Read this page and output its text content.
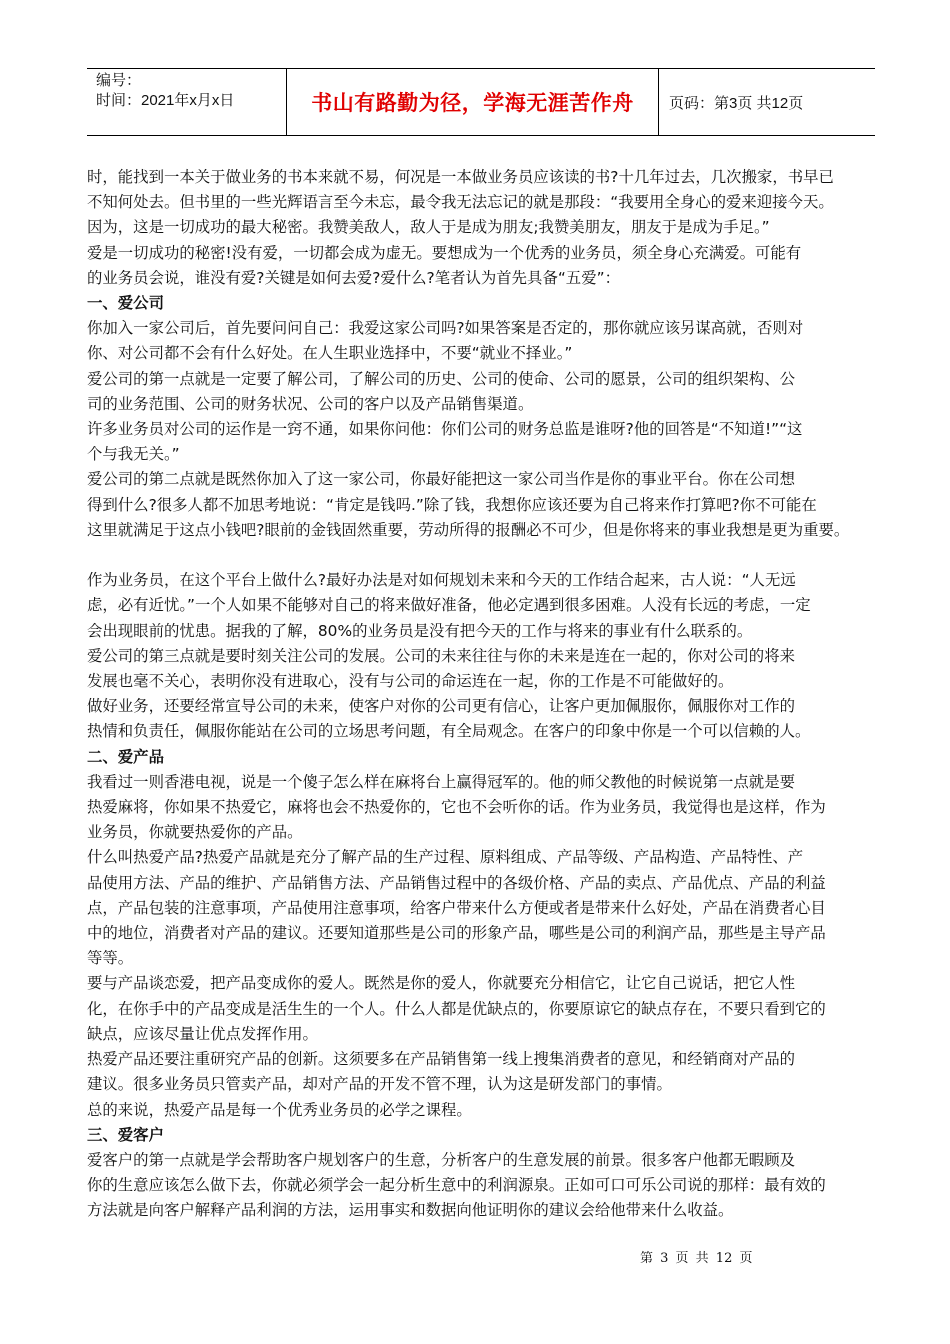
编号：
时间：2021年x月x日	书山有路勤为径，学海无涯苦作舟 页码：第3页 共12页

时，能找到一本关于做业务的书本来就不易，何况是一本做业务员应该读的书?十几年过去，几次搬家，书早已

不知何处去。但书里的一些光辉语言至今未忘，最令我无法忘记的就是那段：“我要用全身心的爱来迎接今天。

因为，这是一切成功的最大秘密。我赞美敌人，敌人于是成为朋友;我赞美朋友，朋友于是成为手足。”

爱是一切成功的秘密!没有爱，一切都会成为虚无。要想成为一个优秀的业务员，须全身心充满爱。可能有

的业务员会说，谁没有爱?关键是如何去爱?爱什么?笔者认为首先具备“五爱”：

一、爱公司

你加入一家公司后，首先要问问自己：我爱这家公司吗?如果答案是否定的，那你就应该另谋高就，否则对

你、对公司都不会有什么好处。在人生职业选择中，不要“就业不择业。”

爱公司的第一点就是一定要了解公司，了解公司的历史、公司的使命、公司的愿景，公司的组织架构、公

司的业务范围、公司的财务状况、公司的客户以及产品销售渠道。

许多业务员对公司的运作是一窍不通，如果你问他：你们公司的财务总监是谁呀?他的回答是“不知道!”“这

个与我无关。”

爱公司的第二点就是既然你加入了这一家公司，你最好能把这一家公司当作是你的事业平台。你在公司想

得到什么?很多人都不加思考地说：“肯定是钱吗.”除了钱，我想你应该还要为自己将来作打算吧?你不可能在

这里就满足于这点小钱吧?眼前的金钱固然重要，劳动所得的报酬必不可少，但是你将来的事业我想是更为重要。

作为业务员，在这个平台上做什么?最好办法是对如何规划未来和今天的工作结合起来，古人说：“人无远

虑，必有近忧。”一个人如果不能够对自己的将来做好准备，他必定遇到很多困难。人没有长远的考虑，一定

会出现眼前的忧患。据我的了解，80%的业务员是没有把今天的工作与将来的事业有什么联系的。

爱公司的第三点就是要时刻关注公司的发展。公司的未来往往与你的未来是连在一起的，你对公司的将来

发展也毫不关心，表明你没有进取心，没有与公司的命运连在一起，你的工作是不可能做好的。

做好业务，还要经常宣导公司的未来，使客户对你的公司更有信心，让客户更加佩服你，佩服你对工作的

热情和负责任，佩服你能站在公司的立场思考问题，有全局观念。在客户的印象中你是一个可以信赖的人。

二、爱产品

我看过一则香港电视，说是一个傻子怎么样在麻将台上赢得冠军的。他的师父教他的时候说第一点就是要

热爱麻将，你如果不热爱它，麻将也会不热爱你的，它也不会听你的话。作为业务员，我觉得也是这样，作为

业务员，你就要热爱你的产品。

什么叫热爱产品?热爱产品就是充分了解产品的生产过程、原料组成、产品等级、产品构造、产品特性、产

品使用方法、产品的维护、产品销售方法、产品销售过程中的各级价格、产品的卖点、产品优点、产品的利益

点，产品包装的注意事项，产品使用注意事项，给客户带来什么方便或者是带来什么好处，产品在消费者心目

中的地位，消费者对产品的建议。还要知道那些是公司的形象产品，哪些是公司的利润产品，那些是主导产品

等等。

要与产品谈恋爱，把产品变成你的爱人。既然是你的爱人，你就要充分相信它，让它自己说话，把它人性

化，在你手中的产品变成是活生生的一个人。什么人都是优缺点的，你要原谅它的缺点存在，不要只看到它的

缺点，应该尽量让优点发挥作用。

热爱产品还要注重研究产品的创新。这须要多在产品销售第一线上搜集消费者的意见，和经销商对产品的

建议。很多业务员只管卖产品，却对产品的开发不管不理，认为这是研发部门的事情。

总的来说，热爱产品是每一个优秀业务员的必学之课程。

三、爱客户

爱客户的第一点就是学会帮助客户规划客户的生意，分析客户的生意发展的前景。很多客户他都无暇顾及

你的生意应该怎么做下去，你就必须学会一起分析生意中的利润源泉。正如可口可乐公司说的那样：最有效的

方法就是向客户解释产品利润的方法，运用事实和数据向他证明你的建议会给他带来什么收益。

第 3 页 共 12 页
